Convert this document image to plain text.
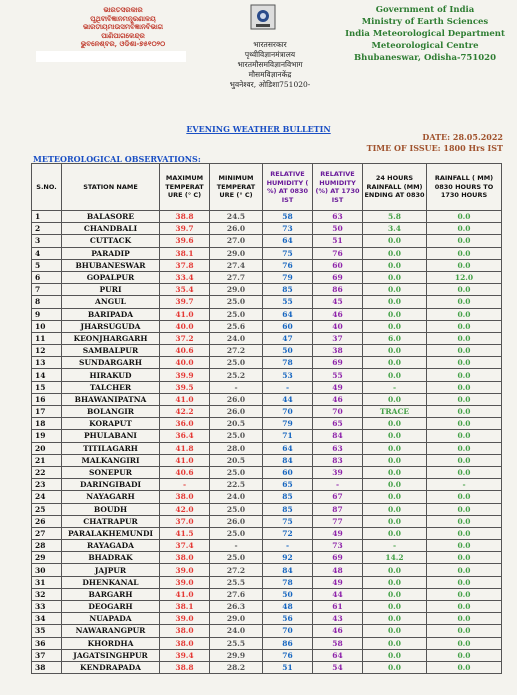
ଭାରତସରକାର
ପୃଥିବୀବିଜ୍ଞାନମନ୍ତ୍ରଣାଳୟ
ଭାରତୀୟମାଉସମବିଜ୍ଞାନବିଭାଗ
ପାଣିପାଗକେନ୍ଦ୍ର
ଭୁବନେଶ୍ବର, ଓଡିଶା-୭୫୧୦୨୦	भारतसरकार
पृथ्वीविज्ञानमंत्रालय
भारतमौसमविज्ञानविभाग
मौसमविज्ञानकेंद्र
भुवनेश्वर, ओडिशा751020-
Government of India
Ministry of Earth Sciences
India Meteorological Department
Meteorological Centre
Bhubaneswar, Odisha-751020
EVENING WEATHER BULLETIN
DATE: 28.05.2022
TIME OF ISSUE: 1800 Hrs IST
METEOROLOGICAL OBSERVATIONS:
S.NO.	STATION NAME	MAXIMUM TEMPERAT URE (° C)	MINIMUM TEMPERAT URE (° C)	RELATIVE HUMIDITY ( %) AT 0830 IST	RELATIVE HUMIDITY (%) AT 1730 IST	24 HOURS RAINFALL (MM) ENDING AT 0830	RAINFALL ( MM) 0830 HOURS TO 1730 HOURS
1	BALASORE	38.8	24.5	58	63	5.8	0.0
2	CHANDBALI	39.7	26.0	73	50	3.4	0.0
3	CUTTACK	39.6	27.0	64	51	0.0	0.0
4	PARADIP	38.1	29.0	75	76	0.0	0.0
5	BHUBANESWAR	37.8	27.4	76	60	0.0	0.0
6	GOPALPUR	33.4	27.7	79	69	0.0	12.0
7	PURI	35.4	29.0	85	86	0.0	0.0
8	ANGUL	39.7	25.0	55	45	0.0	0.0
9	BARIPADA	41.0	25.0	64	46	0.0	0.0
10	JHARSUGUDA	40.0	25.6	60	40	0.0	0.0
11	KEONJHARGARH	37.2	24.0	47	37	6.0	0.0
12	SAMBALPUR	40.6	27.2	50	38	0.0	0.0
13	SUNDARGARH	40.0	25.0	78	69	0.0	0.0
14	HIRAKUD	39.9	25.2	53	55	0.0	0.0
15	TALCHER	39.5	-	-	49	-	0.0
16	BHAWANIPATNA	41.0	26.0	44	46	0.0	0.0
17	BOLANGIR	42.2	26.0	70	70	TRACE	0.0
18	KORAPUT	36.0	20.5	79	65	0.0	0.0
19	PHULABANI	36.4	25.0	71	84	0.0	0.0
20	TITILAGARH	41.8	28.0	64	63	0.0	0.0
21	MALKANGIRI	41.0	20.5	84	83	0.0	0.0
22	SONEPUR	40.6	25.0	60	39	0.0	0.0
23	DARINGIBADI	-	22.5	65	-	0.0	-
24	NAYAGARH	38.0	24.0	85	67	0.0	0.0
25	BOUDH	42.0	25.0	85	87	0.0	0.0
26	CHATRAPUR	37.0	26.0	75	77	0.0	0.0
27	PARALAKHEMUNDI	41.5	25.0	72	49	0.0	0.0
28	RAYAGADA	37.4	-	-	73	-	0.0
29	BHADRAK	38.0	25.0	92	69	14.2	0.0
30	JAJPUR	39.0	27.2	84	48	0.0	0.0
31	DHENKANAL	39.0	25.5	78	49	0.0	0.0
32	BARGARH	41.0	27.6	50	44	0.0	0.0
33	DEOGARH	38.1	26.3	48	61	0.0	0.0
34	NUAPADA	39.0	29.0	56	43	0.0	0.0
35	NAWARANGPUR	38.0	24.0	70	46	0.0	0.0
36	KHORDHA	38.0	25.5	86	58	0.0	0.0
37	JAGATSINGHPUR	39.4	29.9	76	64	0.0	0.0
38	KENDRAPADA	38.8	28.2	51	54	0.0	0.0
